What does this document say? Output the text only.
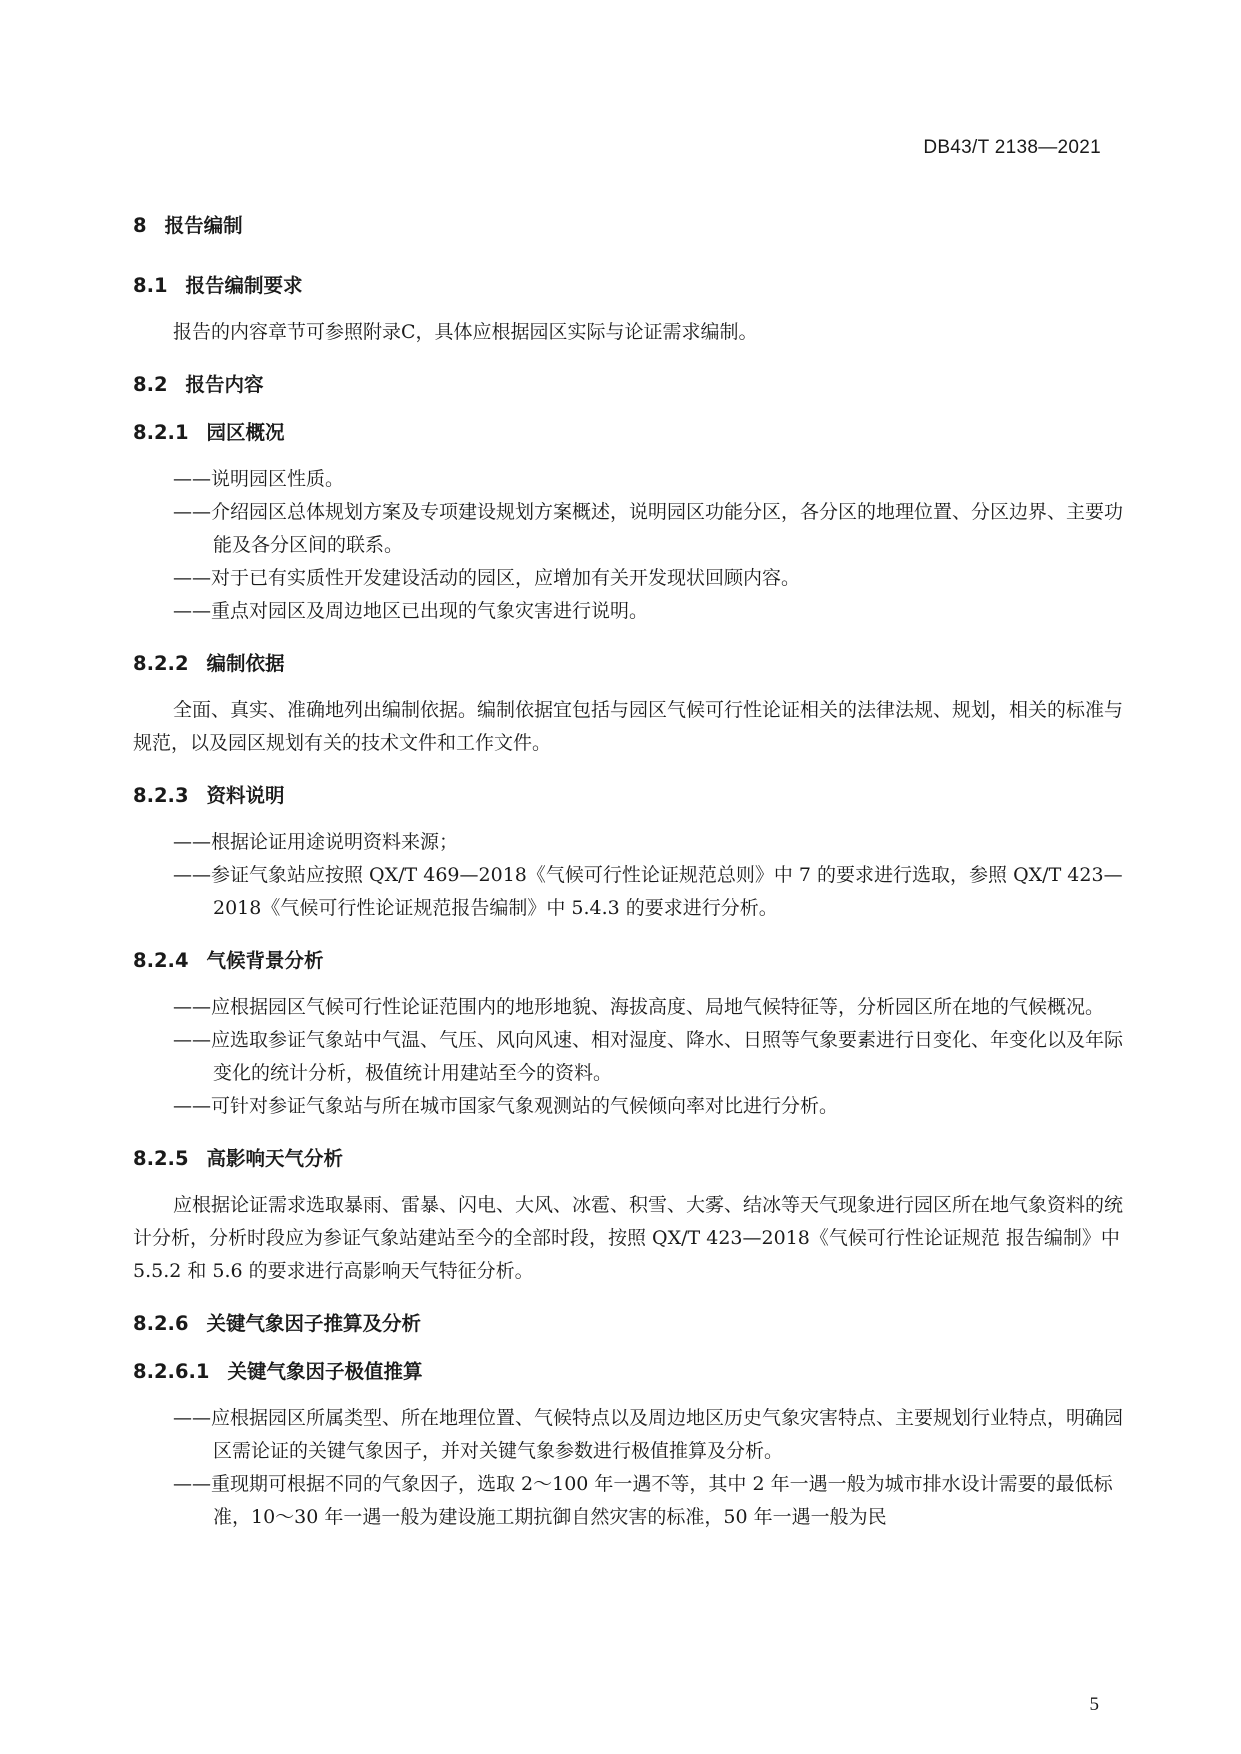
DB43/T 2138—2021
8 报告编制
8.1 报告编制要求

报告的内容章节可参照附录C，具体应根据园区实际与论证需求编制。

8.2 报告内容
8.2.1 园区概况

——说明园区性质。

——介绍园区总体规划方案及专项建设规划方案概述，说明园区功能分区，各分区的地理位置、分区边界、主要功能及各分区间的联系。

——对于已有实质性开发建设活动的园区，应增加有关开发现状回顾内容。

——重点对园区及周边地区已出现的气象灾害进行说明。

8.2.2 编制依据

全面、真实、准确地列出编制依据。编制依据宜包括与园区气候可行性论证相关的法律法规、规划，相关的标准与规范，以及园区规划有关的技术文件和工作文件。

8.2.3 资料说明

——根据论证用途说明资料来源；

——参证气象站应按照 QX/T 469—2018《气候可行性论证规范总则》中 7 的要求进行选取，参照 QX/T 423—2018《气候可行性论证规范报告编制》中 5.4.3 的要求进行分析。

8.2.4 气候背景分析

——应根据园区气候可行性论证范围内的地形地貌、海拔高度、局地气候特征等，分析园区所在地的气候概况。

——应选取参证气象站中气温、气压、风向风速、相对湿度、降水、日照等气象要素进行日变化、年变化以及年际变化的统计分析，极值统计用建站至今的资料。

——可针对参证气象站与所在城市国家气象观测站的气候倾向率对比进行分析。

8.2.5 高影响天气分析

应根据论证需求选取暴雨、雷暴、闪电、大风、冰雹、积雪、大雾、结冰等天气现象进行园区所在地气象资料的统计分析，分析时段应为参证气象站建站至今的全部时段，按照 QX/T 423—2018《气候可行性论证规范 报告编制》中 5.5.2 和 5.6 的要求进行高影响天气特征分析。

8.2.6 关键气象因子推算及分析
8.2.6.1 关键气象因子极值推算

——应根据园区所属类型、所在地理位置、气候特点以及周边地区历史气象灾害特点、主要规划行业特点，明确园区需论证的关键气象因子，并对关键气象参数进行极值推算及分析。

——重现期可根据不同的气象因子，选取 2～100 年一遇不等，其中 2 年一遇一般为城市排水设计需要的最低标准，10～30 年一遇一般为建设施工期抗御自然灾害的标准，50 年一遇一般为民

5
